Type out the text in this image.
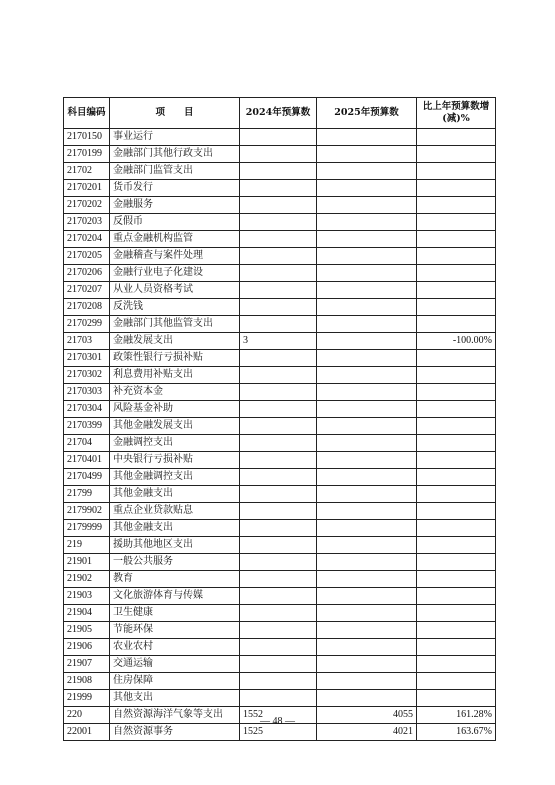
科目编码	项　　目	2024年预算数	2025年预算数	比上年预算数增(减)%
2170150	事业运行			
2170199	金融部门其他行政支出			
21702	金融部门监管支出			
2170201	货币发行			
2170202	金融服务			
2170203	反假币			
2170204	重点金融机构监管			
2170205	金融稽查与案件处理			
2170206	金融行业电子化建设			
2170207	从业人员资格考试			
2170208	反洗钱			
2170299	金融部门其他监管支出			
21703	金融发展支出	3		-100.00%
2170301	政策性银行亏损补贴			
2170302	利息费用补贴支出			
2170303	补充资本金			
2170304	风险基金补助			
2170399	其他金融发展支出			
21704	金融调控支出			
2170401	中央银行亏损补贴			
2170499	其他金融调控支出			
21799	其他金融支出			
2179902	重点企业贷款贴息			
2179999	其他金融支出			
219	援助其他地区支出			
21901	一般公共服务			
21902	教育			
21903	文化旅游体育与传媒			
21904	卫生健康			
21905	节能环保			
21906	农业农村			
21907	交通运输			
21908	住房保障			
21999	其他支出			
220	自然资源海洋气象等支出	1552	4055	161.28%
22001	自然资源事务	1525	4021	163.67%
— 48 —
